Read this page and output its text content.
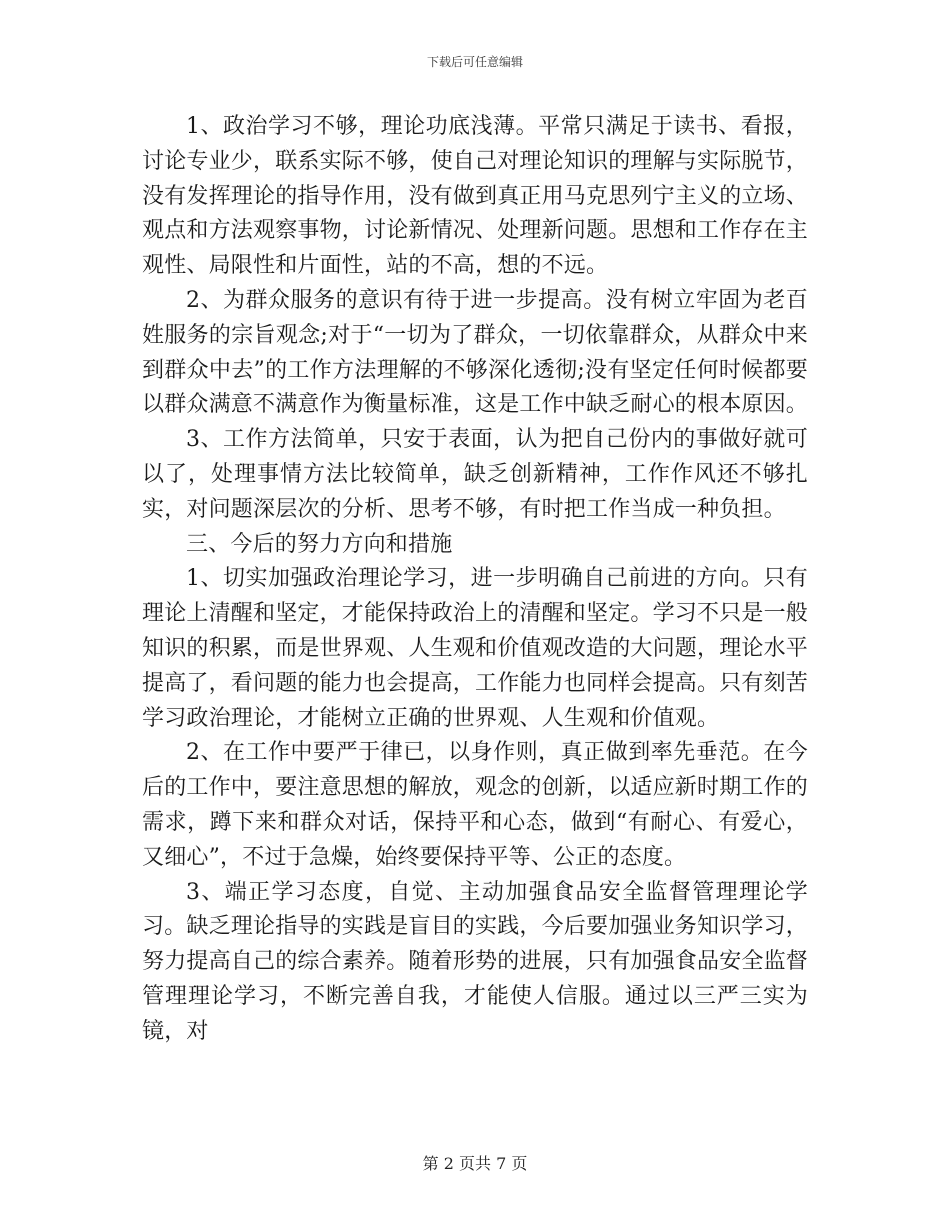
下载后可任意编辑

1、政治学习不够，理论功底浅薄。平常只满足于读书、看报，讨论专业少，联系实际不够，使自己对理论知识的理解与实际脱节，没有发挥理论的指导作用，没有做到真正用马克思列宁主义的立场、观点和方法观察事物，讨论新情况、处理新问题。思想和工作存在主观性、局限性和片面性，站的不高，想的不远。

2、为群众服务的意识有待于进一步提高。没有树立牢固为老百姓服务的宗旨观念;对于“一切为了群众，一切依靠群众，从群众中来到群众中去”的工作方法理解的不够深化透彻;没有坚定任何时候都要以群众满意不满意作为衡量标准，这是工作中缺乏耐心的根本原因。

3、工作方法简单，只安于表面，认为把自己份内的事做好就可以了，处理事情方法比较简单，缺乏创新精神，工作作风还不够扎实，对问题深层次的分析、思考不够，有时把工作当成一种负担。

三、今后的努力方向和措施

1、切实加强政治理论学习，进一步明确自己前进的方向。只有理论上清醒和坚定，才能保持政治上的清醒和坚定。学习不只是一般知识的积累，而是世界观、人生观和价值观改造的大问题，理论水平提高了，看问题的能力也会提高，工作能力也同样会提高。只有刻苦学习政治理论，才能树立正确的世界观、人生观和价值观。

2、在工作中要严于律已，以身作则，真正做到率先垂范。在今后的工作中，要注意思想的解放，观念的创新，以适应新时期工作的需求，蹲下来和群众对话，保持平和心态，做到“有耐心、有爱心，又细心”，不过于急燥，始终要保持平等、公正的态度。

3、端正学习态度，自觉、主动加强食品安全监督管理理论学习。缺乏理论指导的实践是盲目的实践，今后要加强业务知识学习，努力提高自己的综合素养。随着形势的进展，只有加强食品安全监督管理理论学习，不断完善自我，才能使人信服。通过以三严三实为镜，对

第 2 页共 7 页
